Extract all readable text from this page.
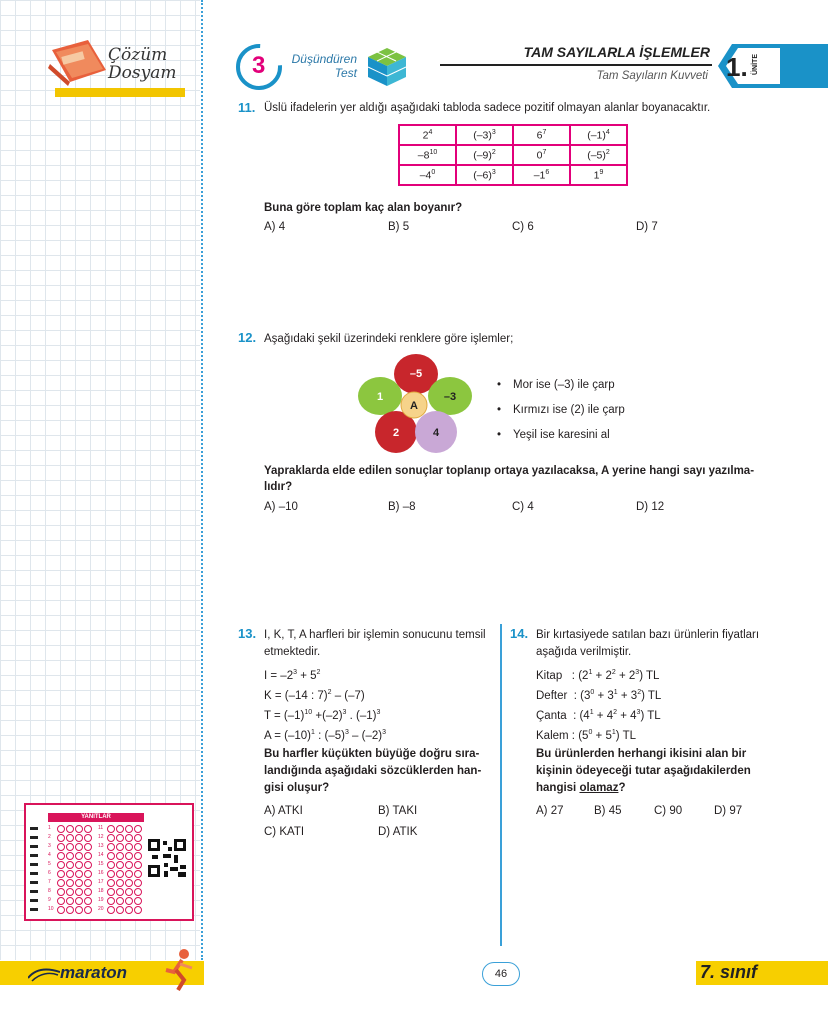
Çözüm
Dosyam	3	Düşündüren
Test
TAM SAYILARLA İŞLEMLER
Tam Sayıların Kuvveti 1. ÜNİTE
11. Üslü ifadelerin yer aldığı aşağıdaki tabloda sadece pozitif olmayan alanlar boyanacaktır.
$2^4$	$(-3)^3$	$6^7$	$(-1)^4$
$-8^{10}$	$(-9)^2$	$0^7$	$(-5)^2$
$-4^0$	$(-6)^3$	$-1^6$	$1^9$
Buna göre toplam kaç alan boyanır?
A) 4	B) 5	C) 6	D) 7
12. Aşağıdaki şekil üzerindeki renklere göre işlemler;
–5
1	–3
2	4
A
• Mor ise (–3) ile çarp
• Kırmızı ise (2) ile çarp
• Yeşil ise karesini al
Yapraklarda elde edilen sonuçlar toplanıp ortaya yazılacaksa, A yerine hangi sayı yazılma-
lıdır?
A) –10	B) –8	C) 4	D) 12
13. I, K, T, A harfleri bir işlemin sonucunu temsil
etmektedir.
$I = -2^3 + 5^2$
K = (–14 : 7)$^2$ – (–7)
$T = (-1)^{10} +(-2)^3$ . $(-1)^3$
$A = (-10)^1$ : $(-5)^3 - (-2)^3$
Bu harfler küçükten büyüğe doğru sıra-
landığında aşağıdaki sözcüklerden han-
gisi oluşur?
A) ATKI	B) TAKI
C) KATI	D) ATIK
14. Bir kırtasiyede satılan bazı ürünlerin fiyatları
aşağıda verilmiştir.
Kitap   : $(2^1 + 2^2 + 2^3)$ TL
Defter  : $(3^0 + 3^1 + 3^2)$ TL
Çanta  : $(4^1 + 4^2 + 4^3)$ TL
Kalem : $(5^0 + 5^1)$ TL
Bu ürünlerden herhangi ikisini alan bir
kişinin ödeyeceği tutar aşağıdakilerden
hangisi olamaz?
A) 27	B) 45	C) 90	D) 97
YANITLAR
1	11
2	12
3	13
4	14
5	15
6	16
7	17
8	18
9	19
10	20
maraton	46	7. sınıf
